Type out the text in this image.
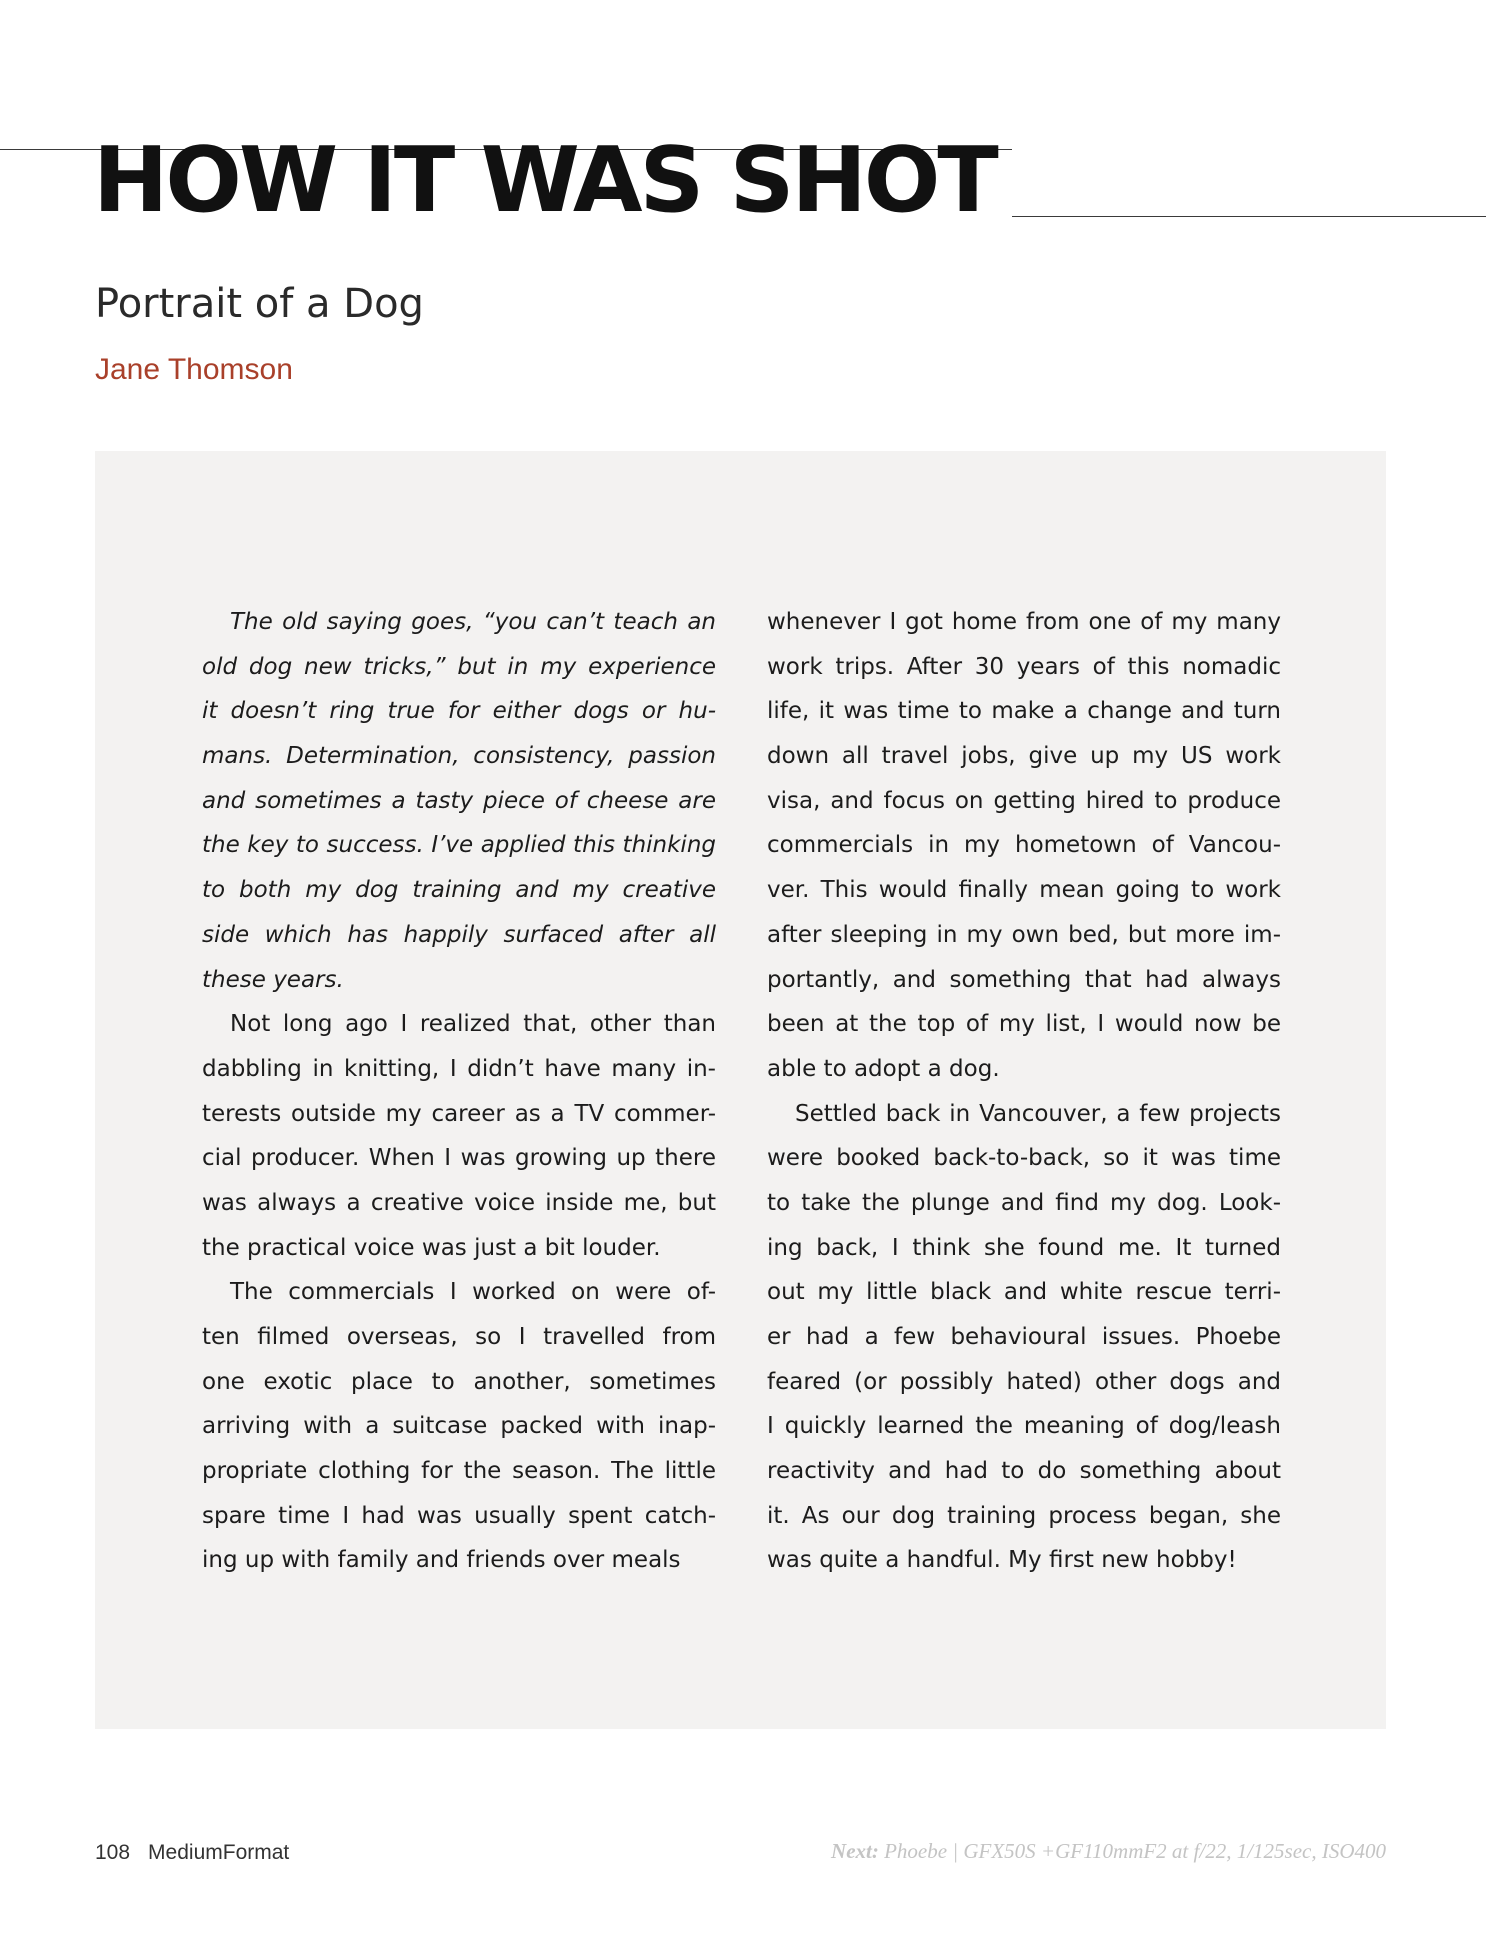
HOW IT WAS SHOT
Portrait of a Dog
Jane Thomson

The old saying goes, “you can’t teach an
old dog new tricks,” but in my experience
it doesn’t ring true for either dogs or hu-
mans. Determination, consistency, passion
and sometimes a tasty piece of cheese are
the key to success. I’ve applied this thinking
to both my dog training and my creative
side which has happily surfaced after all
these years.

Not long ago I realized that, other than
dabbling in knitting, I didn’t have many in-
terests outside my career as a TV commer-
cial producer. When I was growing up there
was always a creative voice inside me, but
the practical voice was just a bit louder.

The commercials I worked on were of-
ten filmed overseas, so I travelled from
one exotic place to another, sometimes
arriving with a suitcase packed with inap-
propriate clothing for the season. The little
spare time I had was usually spent catch-
ing up with family and friends over meals

whenever I got home from one of my many
work trips. After 30 years of this nomadic
life, it was time to make a change and turn
down all travel jobs, give up my US work
visa, and focus on getting hired to produce
commercials in my hometown of Vancou-
ver. This would finally mean going to work
after sleeping in my own bed, but more im-
portantly, and something that had always
been at the top of my list, I would now be
able to adopt a dog.

Settled back in Vancouver, a few projects
were booked back-to-back, so it was time
to take the plunge and find my dog. Look-
ing back, I think she found me. It turned
out my little black and white rescue terri-
er had a few behavioural issues. Phoebe
feared (or possibly hated) other dogs and
I quickly learned the meaning of dog/leash
reactivity and had to do something about
it. As our dog training process began, she
was quite a handful. My first new hobby!

108 MediumFormat	Next: Phoebe | GFX50S +GF110mmF2 at f/22, 1/125sec, ISO400
